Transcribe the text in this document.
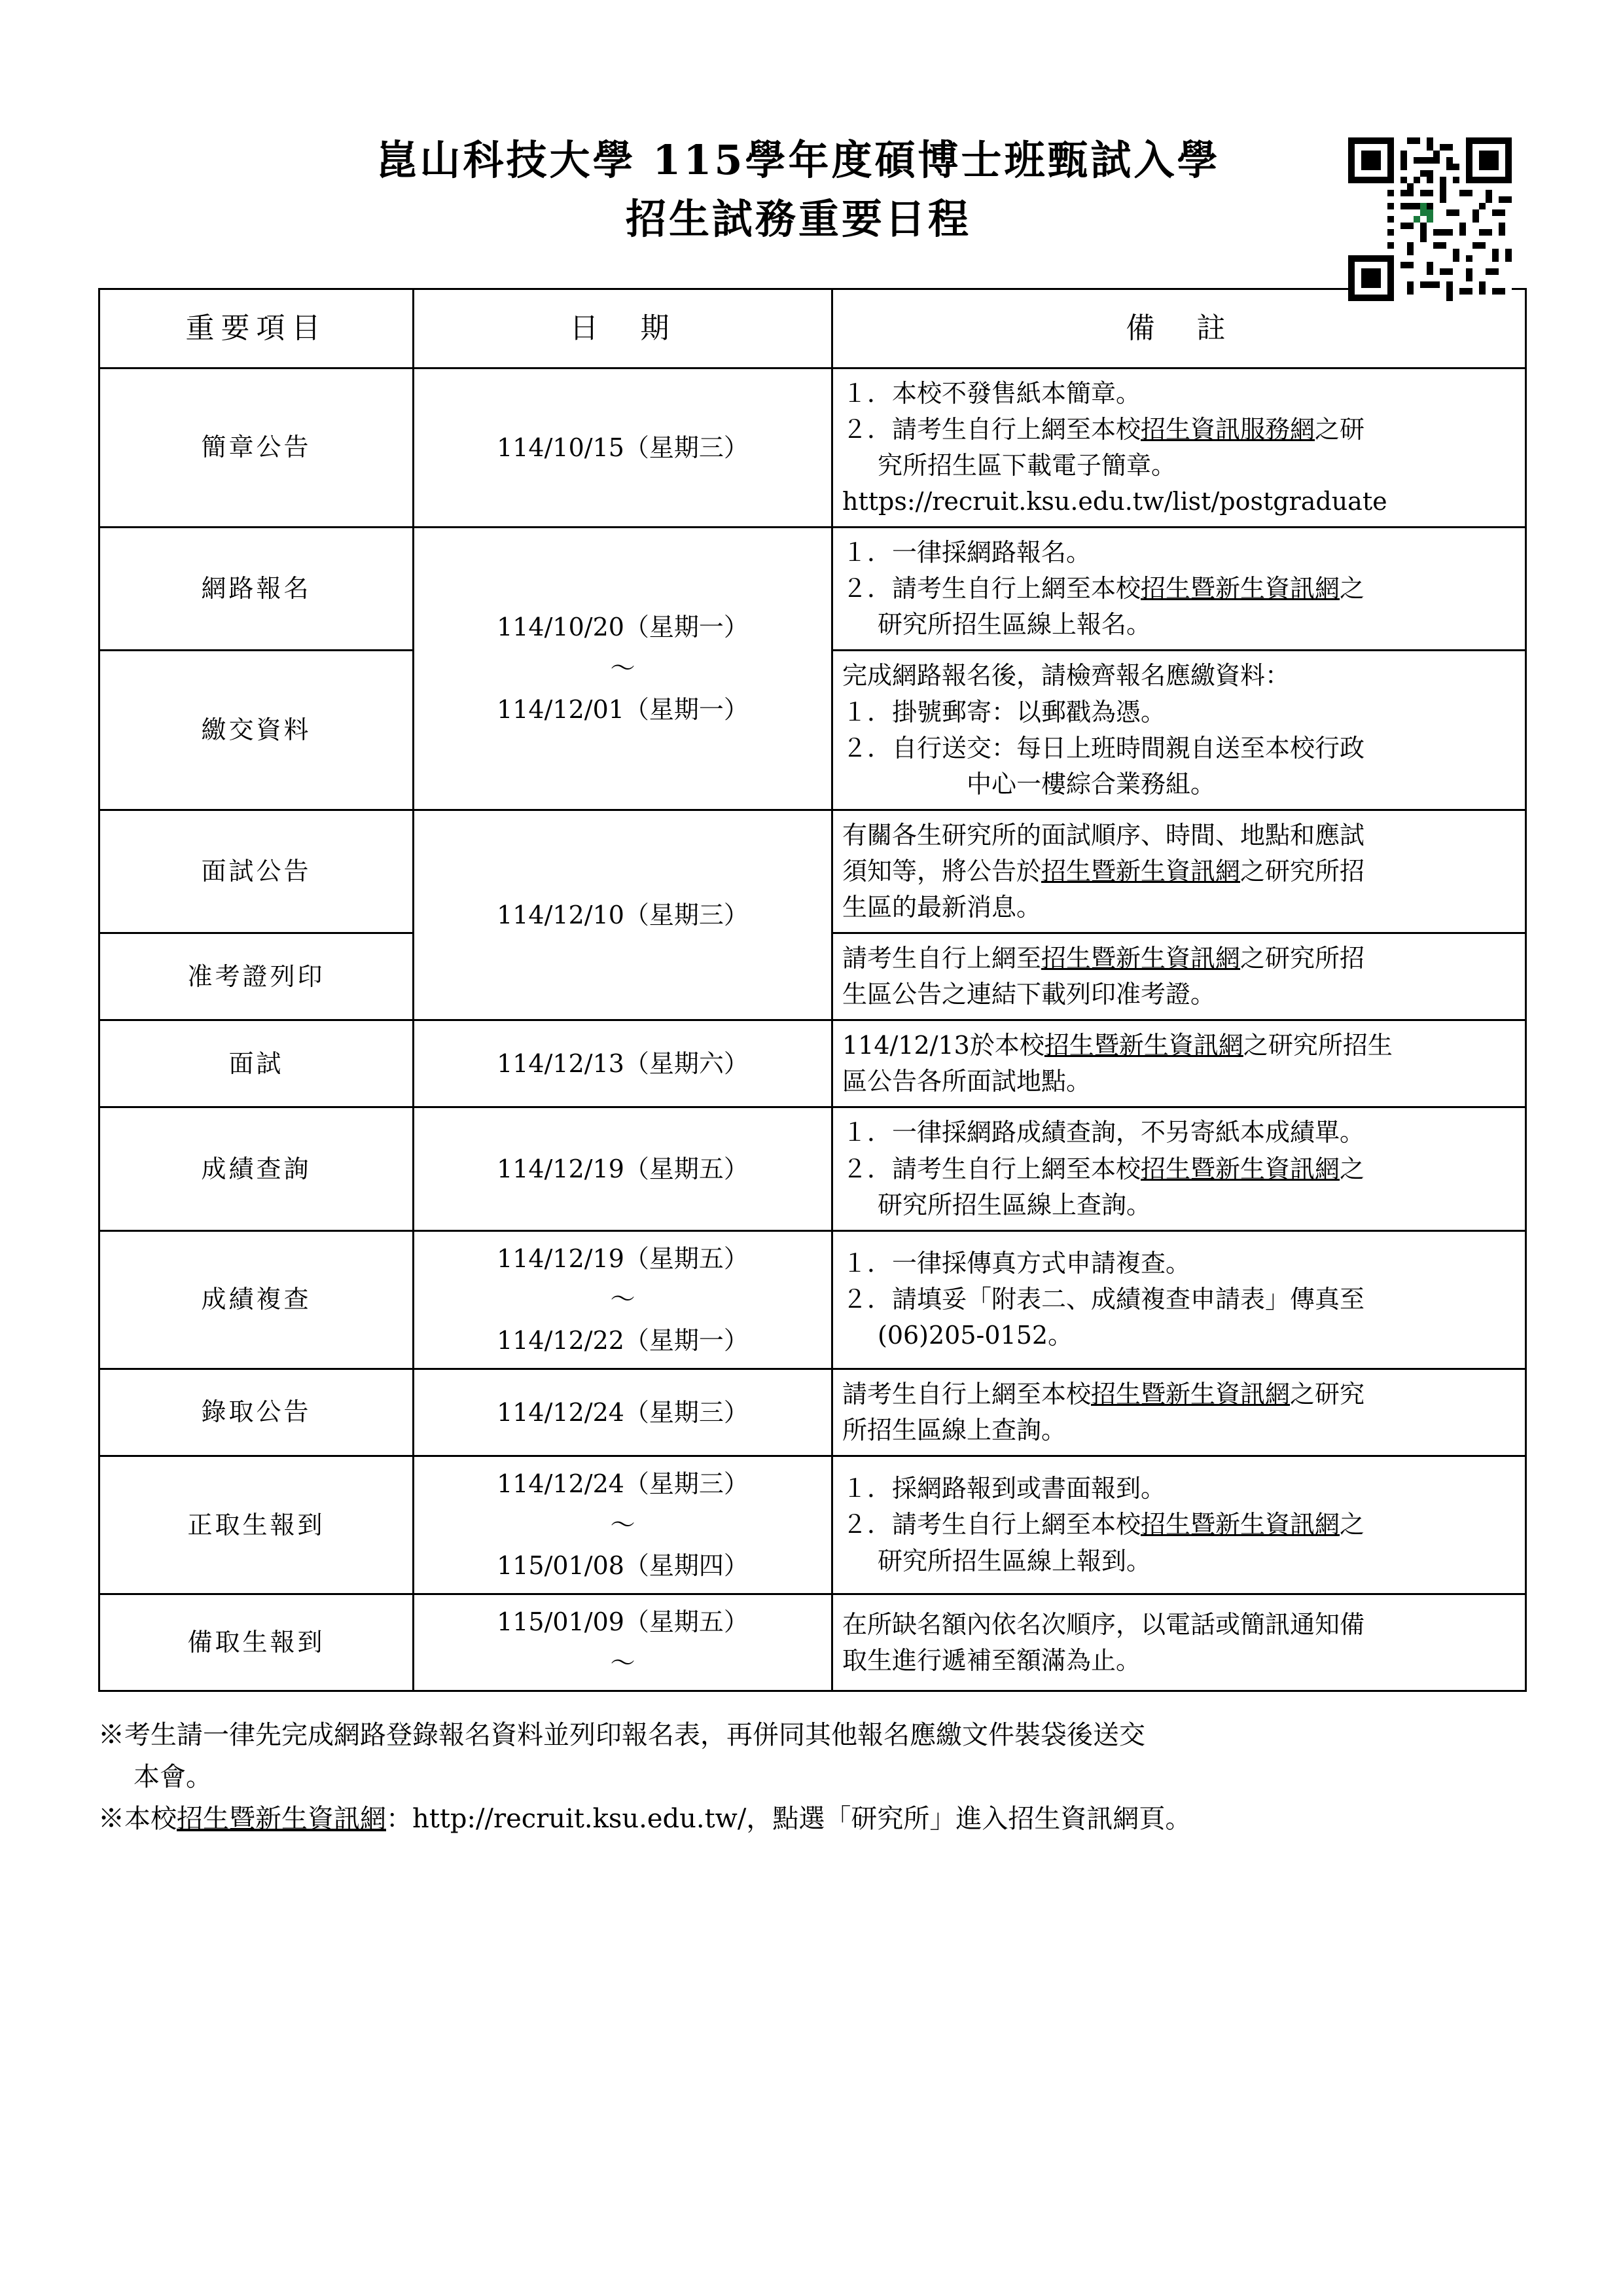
崑山科技大學 115學年度碩博士班甄試入學
招生試務重要日程
重要項目	日　期	備　註
簡章公告	114/10/15（星期三）	１．本校不發售紙本簡章。
２．請考生自行上網至本校招生資訊服務網之研
究所招生區下載電子簡章。
https://recruit.ksu.edu.tw/list/postgraduate

網路報名	114/10/20（星期一）
～
114/12/01（星期一）	１．一律採網路報名。
２．請考生自行上網至本校招生暨新生資訊網之
研究所招生區線上報名。

繳交資料		完成網路報名後，請檢齊報名應繳資料：
１．掛號郵寄：以郵戳為憑。
２．自行送交：每日上班時間親自送至本校行政
中心一樓綜合業務組。

面試公告	114/12/10（星期三）	有關各生研究所的面試順序、時間、地點和應試
須知等，將公告於招生暨新生資訊網之研究所招
生區的最新消息。

准考證列印		請考生自行上網至招生暨新生資訊網之研究所招
生區公告之連結下載列印准考證。

面試	114/12/13（星期六）	114/12/13於本校招生暨新生資訊網之研究所招生
區公告各所面試地點。

成績查詢	114/12/19（星期五）	１．一律採網路成績查詢，不另寄紙本成績單。
２．請考生自行上網至本校招生暨新生資訊網之
研究所招生區線上查詢。

成績複查	114/12/19（星期五）
～
114/12/22（星期一）	１．一律採傳真方式申請複查。
２．請填妥「附表二、成績複查申請表」傳真至
(06)205-0152。

錄取公告	114/12/24（星期三）	請考生自行上網至本校招生暨新生資訊網之研究
所招生區線上查詢。

正取生報到	114/12/24（星期三）
～
115/01/08（星期四）	１．採網路報到或書面報到。
２．請考生自行上網至本校招生暨新生資訊網之
研究所招生區線上報到。

備取生報到	115/01/09（星期五）
～	在所缺名額內依名次順序，以電話或簡訊通知備
取生進行遞補至額滿為止。
※考生請一律先完成網路登錄報名資料並列印報名表，再併同其他報名應繳文件裝袋後送交
本會。
※本校招生暨新生資訊網：http://recruit.ksu.edu.tw/，點選「研究所」進入招生資訊網頁。
